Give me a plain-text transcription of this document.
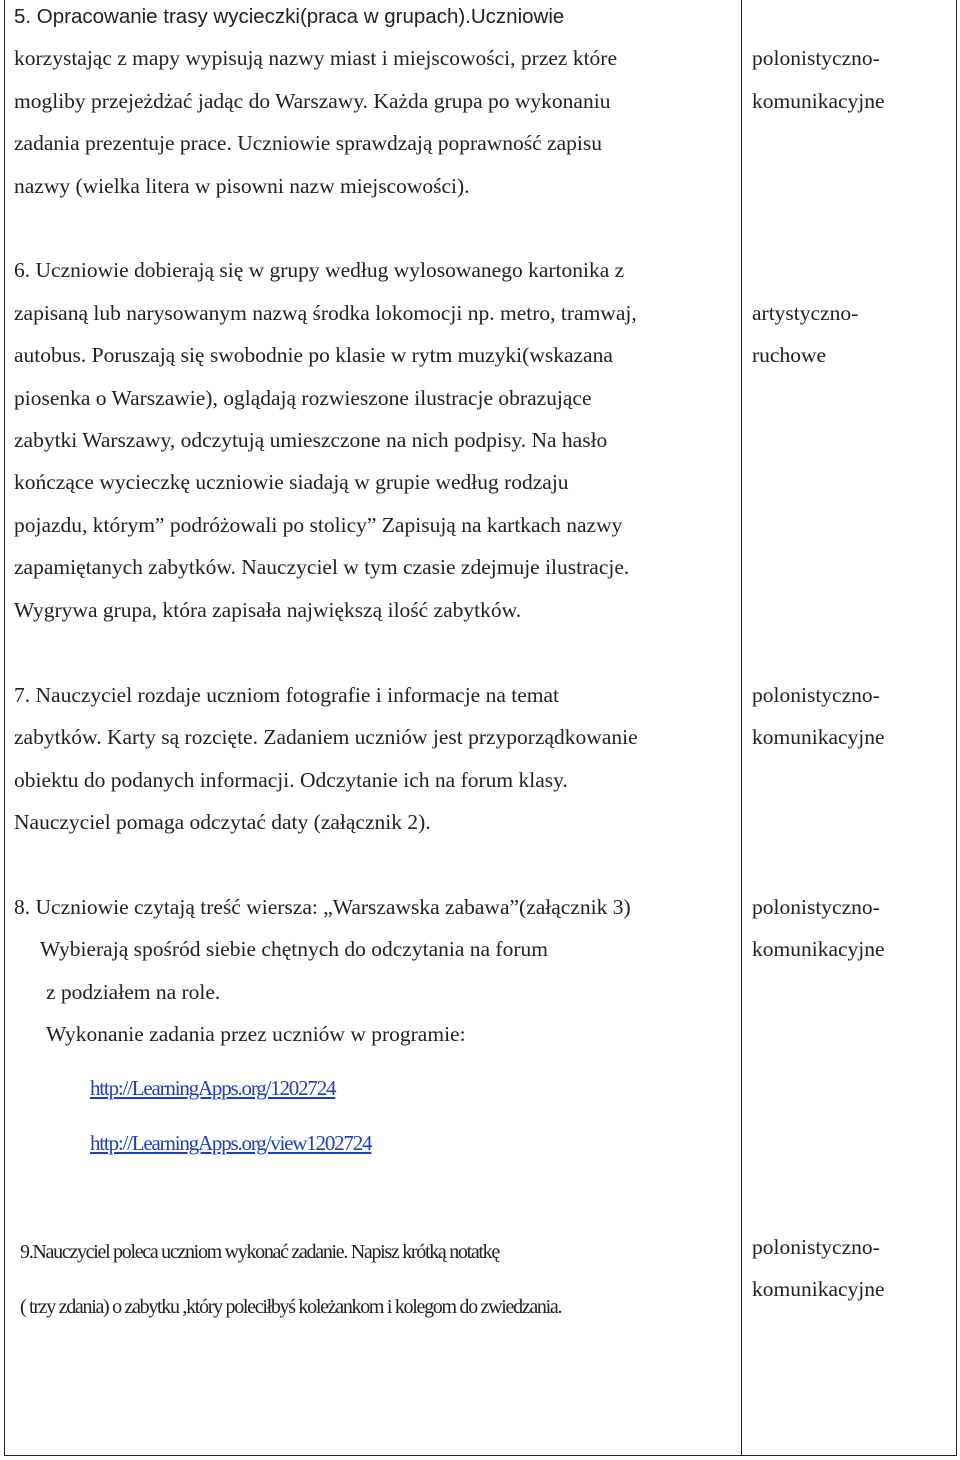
5. Opracowanie trasy wycieczki(praca w grupach).Uczniowie
korzystając z mapy wypisują nazwy miast i miejscowości, przez które
mogliby przejeżdżać jadąc do Warszawy. Każda grupa po wykonaniu
zadania prezentuje prace. Uczniowie sprawdzają poprawność zapisu
nazwy (wielka litera w pisowni nazw miejscowości).
polonistyczno-
komunikacyjne
6. Uczniowie dobierają się w grupy według wylosowanego kartonika z
zapisaną lub narysowanym nazwą środka lokomocji np. metro, tramwaj,
autobus. Poruszają się swobodnie po klasie w rytm muzyki(wskazana
piosenka o Warszawie), oglądają rozwieszone ilustracje obrazujące
zabytki Warszawy, odczytują umieszczone na nich podpisy. Na hasło
kończące wycieczkę uczniowie siadają w grupie według rodzaju
pojazdu, którym” podróżowali po stolicy” Zapisują na kartkach nazwy
zapamiętanych zabytków. Nauczyciel w tym czasie zdejmuje ilustracje.
Wygrywa grupa, która zapisała największą ilość zabytków.
artystyczno-
ruchowe
7. Nauczyciel rozdaje uczniom fotografie i informacje na temat
zabytków. Karty są rozcięte. Zadaniem uczniów jest przyporządkowanie
obiektu do podanych informacji. Odczytanie ich na forum klasy.
Nauczyciel pomaga odczytać daty (załącznik 2).
polonistyczno-
komunikacyjne
8. Uczniowie czytają treść wiersza: „Warszawska zabawa”(załącznik 3)
Wybierają spośród siebie chętnych do odczytania na forum
z podziałem na role.
Wykonanie zadania przez uczniów w programie:
http://LearningApps.org/1202724
http://LearningApps.org/view1202724
polonistyczno-
komunikacyjne
9.Nauczyciel poleca uczniom wykonać zadanie. Napisz krótką notatkę
( trzy zdania) o zabytku ,który poleciłbyś koleżankom i kolegom do zwiedzania.
polonistyczno-
komunikacyjne
